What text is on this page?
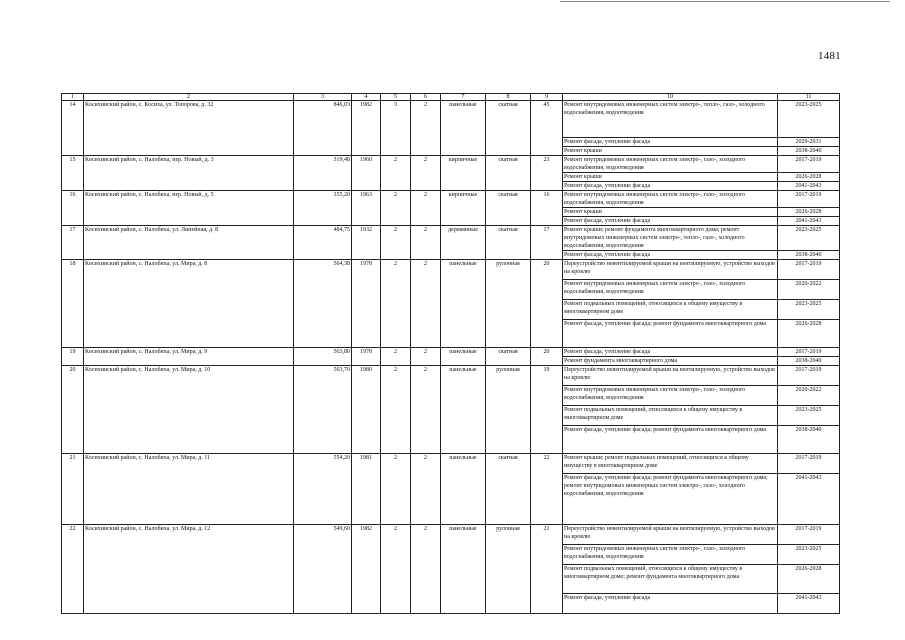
1481
1	2	3	4	5	6	7	8	9	10	11
14	Косихинский район, с. Косиха, ул. Топорова, д. 32	846,03	1982	3	2	панельные	скатная	45	Ремонт внутридомовых инженерных систем электро-, тепло-, газо-, холодного водоснабжения, водоотведения	2023-2025
									Ремонт фасада, утепление фасада	2029-2031
									Ремонт крыши	2038-2040
15	Косихинский район, с. Налобиха, пер. Новый, д. 3	319,48	1960	2	2	кирпичные	скатная	23	Ремонт внутридомовых инженерных систем электро-, газо-, холодного водоснабжения, водоотведения	2017-2019
									Ремонт крыши	2026-2028
									Ремонт фасада, утепление фасада	2041-2043
16	Косихинский район, с. Налобиха, пер. Новый, д. 5	355,20	1963	2	2	кирпичные	скатная	16	Ремонт внутридомовых инженерных систем электро-, газо-, холодного водоснабжения, водоотведения	2017-2019
									Ремонт крыши	2026-2028
									Ремонт фасада, утепление фасада	2041-2043
17	Косихинский район, с. Налобиха, ул. Линейная, д. 8	484,75	1932	2	2	деревянные	скатная	17	Ремонт крыши; ремонт фундамента многоквартирного дома; ремонт внутридомовых инженерных систем электро-, тепло-, газо-, холодного водоснабжения, водоотведения	2023-2025
									Ремонт фасада, утепление фасада	2038-2040
18	Косихинский район, с. Налобиха, ул. Мира, д. 8	564,38	1978	2	2	панельные	рулонная	20	Переустройство невентилируемой крыши на вентилируемую, устройство выходов на кровлю	2017-2019
									Ремонт внутридомовых инженерных систем электро-, газо-, холодного водоснабжения, водоотведения	2020-2022
									Ремонт подвальных помещений, относящихся к общему имуществу в многоквартирном доме	2023-2025
									Ремонт фасада, утепление фасада; ремонт фундамента многоквартирного дома	2026-2028
19	Косихинский район, с. Налобиха, ул. Мира, д. 9	563,80	1978	2	2	панельные	скатная	20	Ремонт фасада, утепление фасада	2017-2019
									Ремонт фундамента многоквартирного дома	2038-2040
20	Косихинский район, с. Налобиха, ул. Мира, д. 10	563,70	1980	2	2	панельные	рулонная	19	Переустройство невентилируемой крыши на вентилируемую, устройство выходов на кровлю	2017-2019
									Ремонт внутридомовых инженерных систем электро-, газо-, холодного водоснабжения, водоотведения	2020-2022
									Ремонт подвальных помещений, относящихся к общему имуществу в многоквартирном доме	2023-2025
									Ремонт фасада, утепление фасада; ремонт фундамента многоквартирного дома	2038-2040
21	Косихинский район, с. Налобиха, ул. Мира, д. 11	554,20	1981	2	2	панельные	скатная	22	Ремонт крыши; ремонт подвальных помещений, относящихся к общему имуществу в многоквартирном доме	2017-2019
									Ремонт фасада, утепление фасада; ремонт фундамента многоквартирного дома; ремонт внутридомовых инженерных систем электро-, газо-, холодного водоснабжения, водоотведения	2041-2043
22	Косихинский район, с. Налобиха, ул. Мира, д. 12	549,60	1982	2	2	панельные	рулонная	21	Переустройство невентилируемой крыши на вентилируемую, устройство выходов на кровлю	2017-2019
									Ремонт внутридомовых инженерных систем электро-, газо-, холодного водоснабжения, водоотведения	2023-2025
									Ремонт подвальных помещений, относящихся к общему имуществу в многоквартирном доме; ремонт фундамента многоквартирного дома	2026-2028
									Ремонт фасада, утепление фасада	2041-2043
